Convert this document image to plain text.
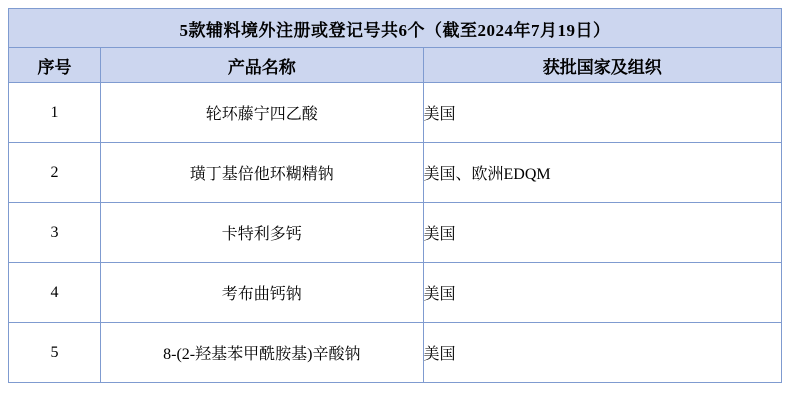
5款辅料境外注册或登记号共6个（截至2024年7月19日）		
序号	产品名称	获批国家及组织
1	轮环藤宁四乙酸	美国
2	璜丁基倍他环糊精钠	美国、欧洲EDQM
3	卡特利多钙	美国
4	考布曲钙钠	美国
5	8-(2-羟基苯甲酰胺基)辛酸钠	美国
